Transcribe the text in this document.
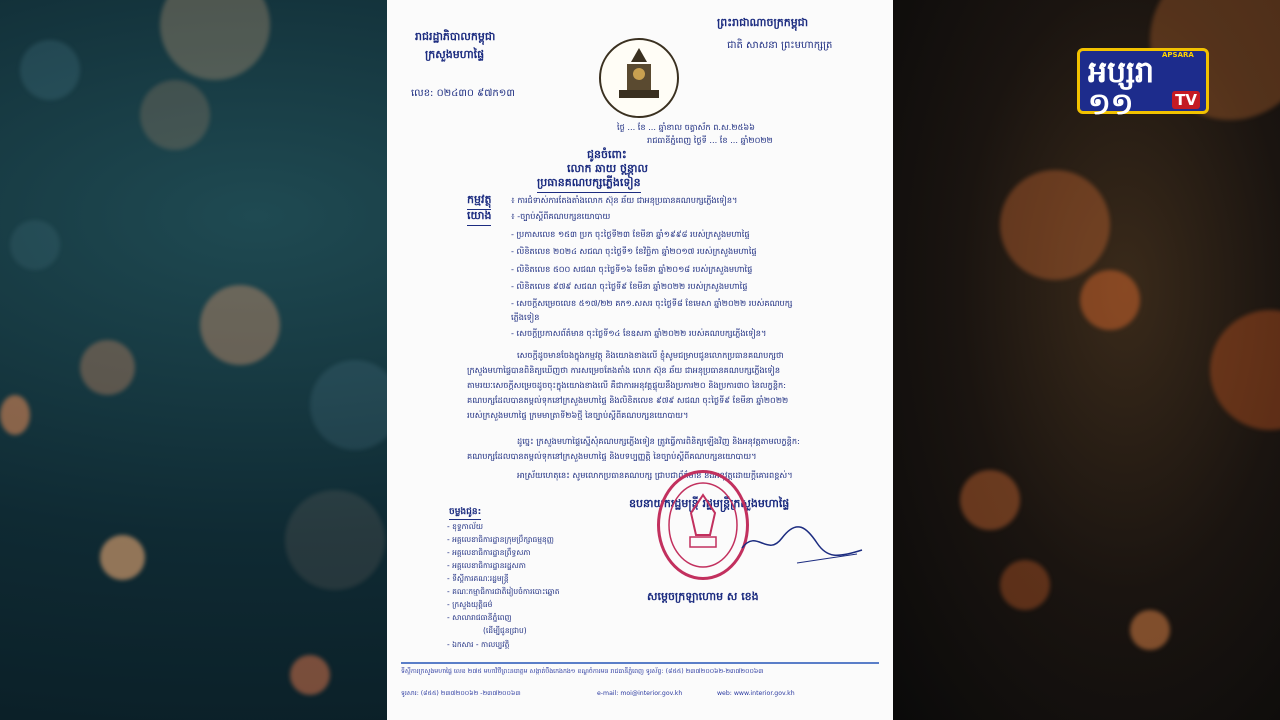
រាជរដ្ឋាភិបាលកម្ពុជា
ក្រសួងមហាផ្ទៃ
លេខ: ០២៤៣០ ៩៧ក១៣
ព្រះរាជាណាចក្រកម្ពុជា
ជាតិ សាសនា ព្រះមហាក្សត្រ
ថ្ងៃ ... ខែ ... ឆ្នាំខាល ចត្វាស័ក ព.ស.២៥៦៦
រាជធានីភ្នំពេញ ថ្ងៃទី ... ខែ ... ឆ្នាំ២០២២
ជូនចំពោះ
លោក ឆាយ ថន្ណាល
ប្រធានគណបក្សភ្លើងទៀន
កម្មវត្ថុ ៖ ការជំទាស់ការតែងតាំងលោក ស៊ុន ឆ័យ ជាអនុប្រធានគណបក្សភ្លើងទៀន។
យោង ៖ -ច្បាប់ស្តីពីគណបក្សនយោបាយ
- ប្រកាសលេខ ១៥៣ ប្រក ចុះថ្ងៃទី២៣ ខែមីនា ឆ្នាំ១៩៩៨ របស់ក្រសួងមហាផ្ទៃ
- លិខិតលេខ ២០២៤ សជណ ចុះថ្ងៃទី១ ខែវិច្ឆិកា ឆ្នាំ២០១៧ របស់ក្រសួងមហាផ្ទៃ
- លិខិតលេខ ៥០០ សជណ ចុះថ្ងៃទី១៦ ខែមីនា ឆ្នាំ២០១៨ របស់ក្រសួងមហាផ្ទៃ
- លិខិតលេខ ៩៧៩ សជណ ចុះថ្ងៃទី៩ ខែមីនា ឆ្នាំ២០២២ របស់ក្រសួងមហាផ្ទៃ
- សេចក្តីសម្រេចលេខ ៥១៧/២២ គក១.សសរ ចុះថ្ងៃទី៨ ខែមេសា ឆ្នាំ២០២២ របស់គណបក្ស
ភ្លើងទៀន
- សេចក្តីប្រកាសព័ត៌មាន ចុះថ្ងៃទី១៤ ខែឧសភា ឆ្នាំ២០២២ របស់គណបក្សភ្លើងទៀន។
សេចក្តីដូចមានចែងក្នុងកម្មវត្ថុ និងយោងខាងលើ ខ្ញុំសូមជម្រាបជូនលោកប្រធានគណបក្សថា
ក្រសួងមហាផ្ទៃបានពិនិត្យឃើញថា ការសម្រេចតែងតាំង លោក ស៊ុន ឆ័យ ជាអនុប្រធានគណបក្សភ្លើងទៀន
តាមរយៈសេចក្តីសម្រេចដូចចុះក្នុងយោងខាងលើ គឺជាការអនុវត្តផ្ទុយនឹងប្រការ២០ និងប្រការ៣០ នៃលក្ខន្តិក:
គណបក្សដែលបានតម្កល់ទុកនៅក្រសួងមហាផ្ទៃ និងលិខិតលេខ ៩៧៩ សជណ ចុះថ្ងៃទី៩ ខែមីនា ឆ្នាំ២០២២
របស់ក្រសួងមហាផ្ទៃ ក្រមមាត្រាទី២៦ថ្មី នៃច្បាប់ស្តីពីគណបក្សនយោបាយ។
ដូច្នេះ ក្រសួងមហាផ្ទៃស្នើសុំគណបក្សភ្លើងទៀន ត្រូវធ្វើការពិនិត្យឡើងវិញ និងអនុវត្តតាមលក្ខន្តិក:
គណបក្សដែលបានតម្កល់ទុកនៅក្រសួងមហាផ្ទៃ និងបទប្បញ្ញត្តិ នៃច្បាប់ស្តីពីគណបក្សនយោបាយ។
អាស្រ័យហេតុនេះ សូមលោកប្រធានគណបក្ស ជ្រាបជាព័ត៌មាន និងអនុវត្តដោយក្តីគោរពខ្ពស់។
ឧបនាយករដ្ឋមន្ត្រី រដ្ឋមន្ត្រីក្រសួងមហាផ្ទៃ
សម្តេចក្រឡាហោម ស ខេង
ចម្លងជូន:
- ខុទ្ទកាល័យ
- អគ្គលេខាធិការដ្ឋានក្រុមប្រឹក្សាធម្មនុញ្ញ
- អគ្គលេខាធិការដ្ឋានព្រឹទ្ធសភា
- អគ្គលេខាធិការដ្ឋានរដ្ឋសភា
- ទីស្តីការគណៈរដ្ឋមន្ត្រី
- គណៈកម្មាធិការជាតិរៀបចំការបោះឆ្នោត
- ក្រសួងយុត្តិធម៌
- សាលារាជធានីភ្នំពេញ
(ដើម្បីជូនជ្រាប)
- ឯកសារ - កាលប្បវត្តិ
ទីស្តីការក្រសួងមហាផ្ទៃ លេខ ២៧៥ មហាវិថីព្រះនរោត្តម សង្កាត់បឹងកេងកង១ ខណ្ឌចំការមន រាជធានីភ្នំពេញ ទូរស័ព្ទ: (៨៥៥) ២៣៧២០០៦២-២៣៧២០០៦៣
ទូរសារ: (៨៥៥) ២៣៧២០០៦២ -២៣៧២០០៦៣	e-mail: moi@interior.gov.kh	web: www.interior.gov.kh
អប្សរា ១១
APSARA
TV
